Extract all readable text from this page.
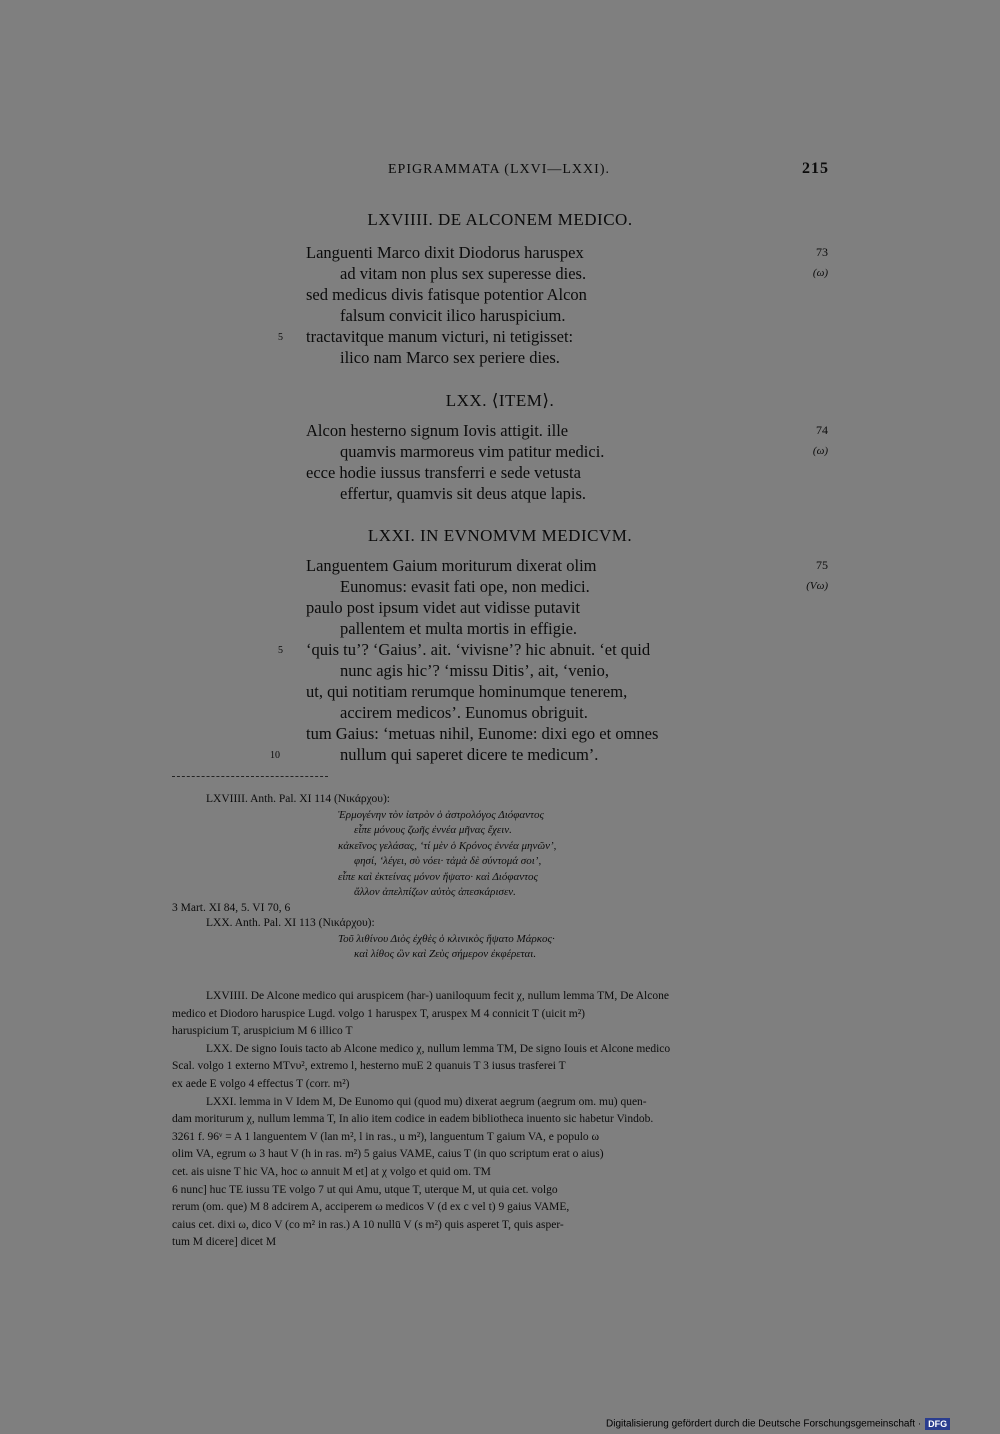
EPIGRAMMATA (LXVI—LXXI).	215
LXVIIII. DE ALCONEM MEDICO.
Languenti Marco dixit Diodorus haruspex	73
ad vitam non plus sex superesse dies.	(ω)
sed medicus divis fatisque potentior Alcon
falsum convicit ilico haruspicium.
5 tractavitque manum victuri, ni tetigisset:
ilico nam Marco sex periere dies.
LXX. ⟨ITEM⟩.
Alcon hesterno signum Iovis attigit. ille	74
quamvis marmoreus vim patitur medici.	(ω)
ecce hodie iussus transferri e sede vetusta
effertur, quamvis sit deus atque lapis.
LXXI. IN EVNOMVM MEDICVM.
Languentem Gaium moriturum dixerat olim	75
Eunomus: evasit fati ope, non medici.	(Vω)
paulo post ipsum videt aut vidisse putavit
pallentem et multa mortis in effigie.
5 ‘quis tu’? ‘Gaius’. ait. ‘vivisne’? hic abnuit. ‘et quid
nunc agis hic’? ‘missu Ditis’, ait, ‘venio,
ut, qui notitiam rerumque hominumque tenerem,
accirem medicos’. Eunomus obriguit.
tum Gaius: ‘metuas nihil, Eunome: dixi ego et omnes
10	nullum qui saperet dicere te medicum’.
LXVIIII. Anth. Pal. XI 114 (Νικάρχου):
Ἑρμογένην τὸν ἰατρὸν ὁ ἀστρολόγος Διόφαντος
εἶπε μόνους ζωῆς ἐννέα μῆνας ἔχειν.
κἀκεῖνος γελάσας, ‘τί μὲν ὁ Κρόνος ἐννέα μηνῶν’,
φησί, ‘λέγει, σὺ νόει· τἀμὰ δὲ σύντομά σοι’,
εἶπε καὶ ἐκτείνας μόνον ἥψατο· καὶ Διόφαντος
ἄλλον ἀπελπίζων αὐτὸς ἀπεσκάρισεν.
3 Mart. XI 84, 5. VI 70, 6
LXX. Anth. Pal. XI 113 (Νικάρχου):
Τοῦ λιθίνου Διὸς ἐχθὲς ὁ κλινικὸς ἥψατο Μάρκος·
καὶ λίθος ὢν καὶ Ζεὺς σήμερον ἐκφέρεται.
LXVIIII. De Alcone medico qui aruspicem (har-) uaniloquum fecit χ, nullum lemma TM, De Alcone
medico et Diodoro haruspice Lugd. volgo 1 haruspex T, aruspex M 4 connicit T (uicit m²)
haruspicium T, aruspicium M 6 illico T
LXX. De signo Iouis tacto ab Alcone medico χ, nullum lemma TM, De signo Iouis et Alcone medico
Scal. volgo 1 externo MTvυ², extremo l, hesterno muE 2 quanuis T 3 iusus trasferei T
ex aede E volgo 4 effectus T (corr. m²)
LXXI. lemma in V Idem M, De Eunomo qui (quod mu) dixerat aegrum (aegrum om. mu) quen-
dam moriturum χ, nullum lemma T, In alio item codice in eadem bibliotheca inuento sic habetur Vindob.
3261 f. 96ᵛ = A 1 languentem V (lan m², l in ras., u m²), languentum T gaium VA, e populo ω
olim VA, egrum ω 3 haut V (h in ras. m²) 5 gaius VAME, caius T (in quo scriptum erat o aius)
cet. ais uisne T hic VA, hoc ω annuit M et] at χ volgo et quid om. TM
6 nunc] huc TE iussu TE volgo 7 ut qui Amu, utque T, uterque M, ut quia cet. volgo
rerum (om. que) M 8 adcirem A, acciperem ω medicos V (d ex c vel t) 9 gaius VAME,
caius cet. dixi ω, dico V (co m² in ras.) A 10 nullū V (s m²) quis asperet T, quis asper-
tum M dicere] dicet M
Digitalisierung gefördert durch die Deutsche Forschungsgemeinschaft · DFG
